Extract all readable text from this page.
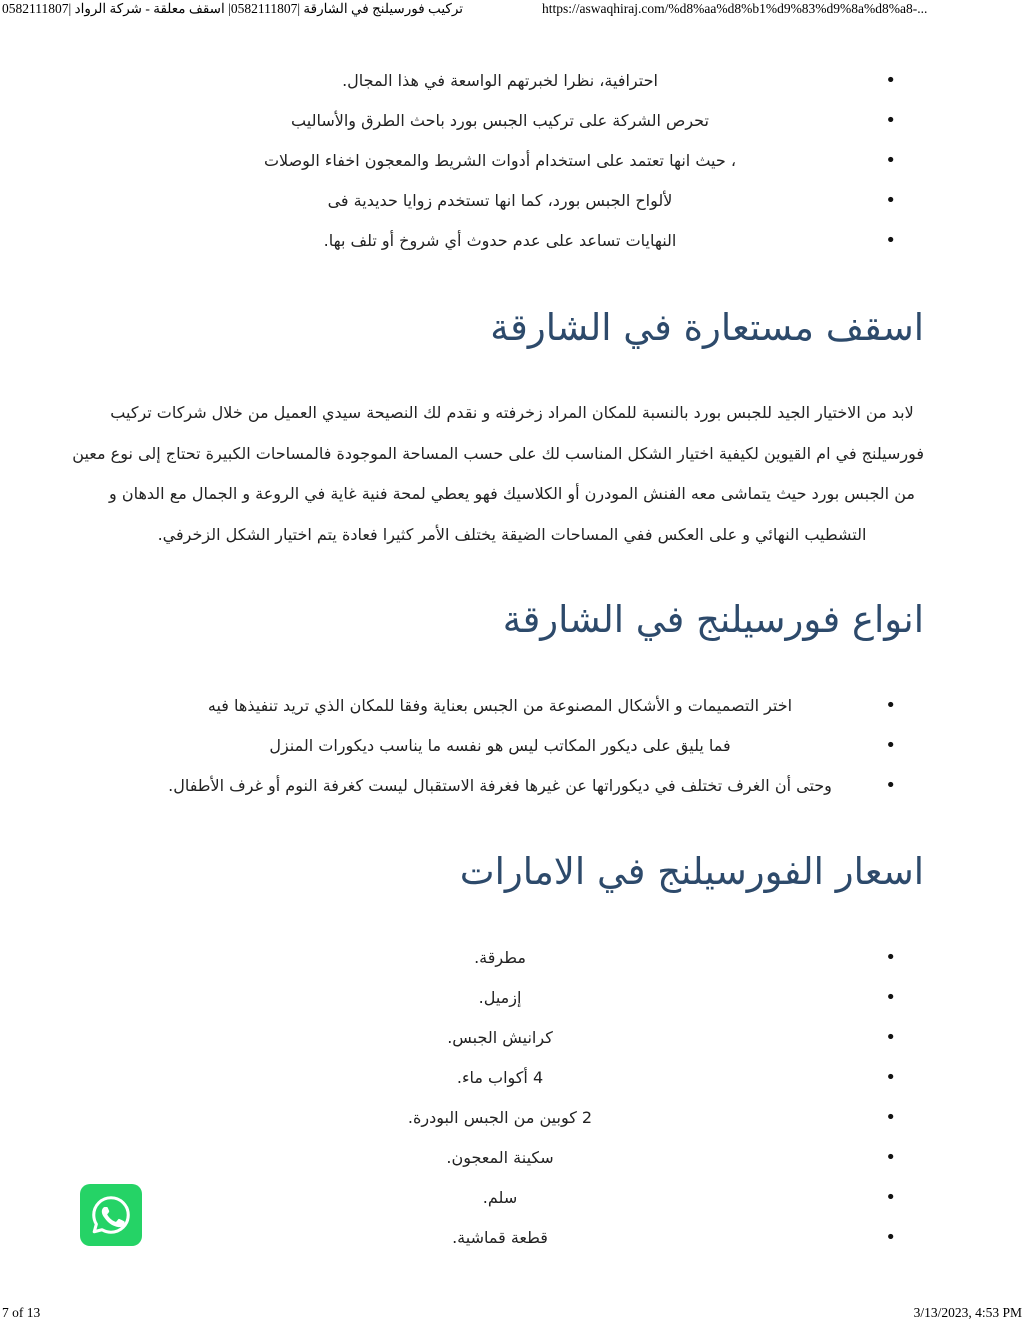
تركيب فورسيلنج في الشارقة |0582111807| اسقف معلقة - شركة الرواد |0582111807	https://aswaqhiraj.com/%d8%aa%d8%b1%d9%83%d9%8a%d8%a8-...
• احترافية، نظرا لخبرتهم الواسعة في هذا المجال.
• تحرص الشركة على تركيب الجبس بورد باحث الطرق والأساليب
• ، حيث انها تعتمد على استخدام أدوات الشريط والمعجون اخفاء الوصلات
• لألواح الجبس بورد، كما انها تستخدم زوايا حديدية فى
• النهايات تساعد على عدم حدوث أي شروخ أو تلف بها.
اسقف مستعارة في الشارقة
لابد من الاختيار الجيد للجبس بورد بالنسبة للمكان المراد زخرفته و نقدم لك النصيحة سيدي العميل من خلال شركات تركيب
فورسيلنج في ام القيوين لكيفية اختيار الشكل المناسب لك على حسب المساحة الموجودة فالمساحات الكبيرة تحتاج إلى نوع معين
من الجبس بورد حيث يتماشى معه الفنش المودرن أو الكلاسيك فهو يعطي لمحة فنية غاية في الروعة و الجمال مع الدهان و
التشطيب النهائي و على العكس ففي المساحات الضيقة يختلف الأمر كثيرا فعادة يتم اختيار الشكل الزخرفي.
انواع فورسيلنج في الشارقة
• اختر التصميمات و الأشكال المصنوعة من الجبس بعناية وفقا للمكان الذي تريد تنفيذها فيه
• فما يليق على ديكور المكاتب ليس هو نفسه ما يناسب ديكورات المنزل
• وحتى أن الغرف تختلف في ديكوراتها عن غيرها فغرفة الاستقبال ليست كغرفة النوم أو غرف الأطفال.
اسعار الفورسيلنج في الامارات
• مطرقة.
• إزميل.
• كرانيش الجبس.
• 4 أكواب ماء.
• 2 كوبين من الجبس البودرة.
• سكينة المعجون.
• سلم.
• قطعة قماشية.
7 of 13	3/13/2023, 4:53 PM
